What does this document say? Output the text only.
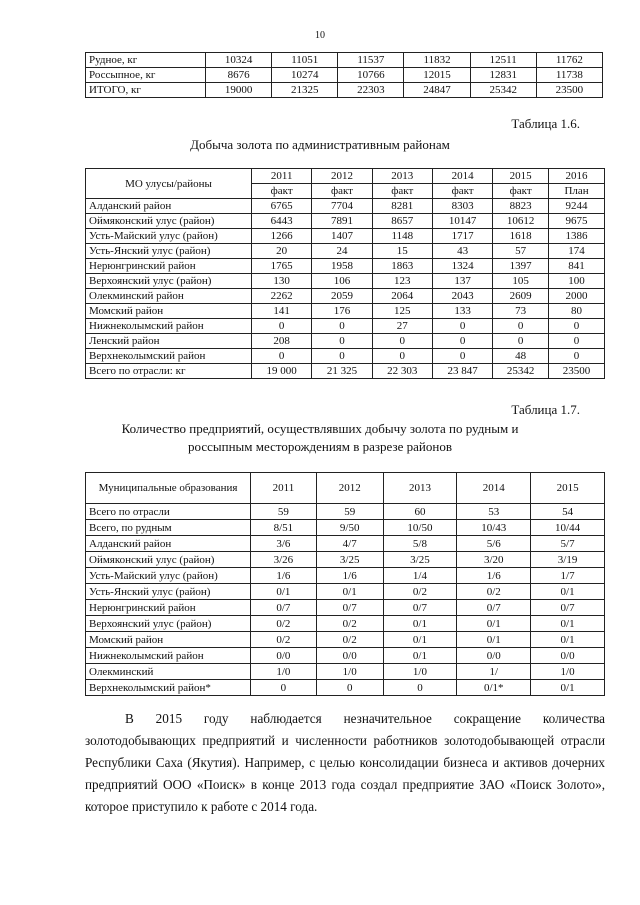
10
Рудное, кг	10324	11051	11537	11832	12511	11762
Россыпное, кг	8676	10274	10766	12015	12831	11738
ИТОГО, кг	19000	21325	22303	24847	25342	23500
Таблица 1.6.
Добыча золота по административным районам
МО улусы/районы	2011	2012	2013	2014	2015	2016
	факт	факт	факт	факт	факт	План
Алданский район	6765	7704	8281	8303	8823	9244
Оймяконский улус (район)	6443	7891	8657	10147	10612	9675
Усть-Майский улус (район)	1266	1407	1148	1717	1618	1386
Усть-Янский улус (район)	20	24	15	43	57	174
Нерюнгринский район	1765	1958	1863	1324	1397	841
Верхоянский улус (район)	130	106	123	137	105	100
Олекминский район	2262	2059	2064	2043	2609	2000
Момский район	141	176	125	133	73	80
Нижнеколымский район	0	0	27	0	0	0
Ленский район	208	0	0	0	0	0
Верхнеколымский район	0	0	0	0	48	0
Всего по отрасли: кг	19 000	21 325	22 303	23 847	25342	23500
Таблица 1.7.
Количество предприятий, осуществлявших добычу золота по рудным и
россыпным месторождениям в разрезе районов
Муниципальные образования	2011	2012	2013	2014	2015
Всего по отрасли	59	59	60	53	54
Всего, по рудным	8/51	9/50	10/50	10/43	10/44
Алданский район	3/6	4/7	5/8	5/6	5/7
Оймяконский улус (район)	3/26	3/25	3/25	3/20	3/19
Усть-Майский улус (район)	1/6	1/6	1/4	1/6	1/7
Усть-Янский улус (район)	0/1	0/1	0/2	0/2	0/1
Нерюнгринский район	0/7	0/7	0/7	0/7	0/7
Верхоянский улус (район)	0/2	0/2	0/1	0/1	0/1
Момский район	0/2	0/2	0/1	0/1	0/1
Нижнеколымский район	0/0	0/0	0/1	0/0	0/0
Олекминский	1/0	1/0	1/0	1/	1/0
Верхнеколымский район*	0	0	0	0/1*	0/1

В 2015 году наблюдается незначительное сокращение количества золотодобывающих предприятий и численности работников золотодобывающей отрасли Республики Саха (Якутия). Например, с целью консолидации бизнеса и активов дочерних предприятий ООО «Поиск» в конце 2013 года создал предприятие ЗАО «Поиск Золото», которое приступило к работе с 2014 года.
